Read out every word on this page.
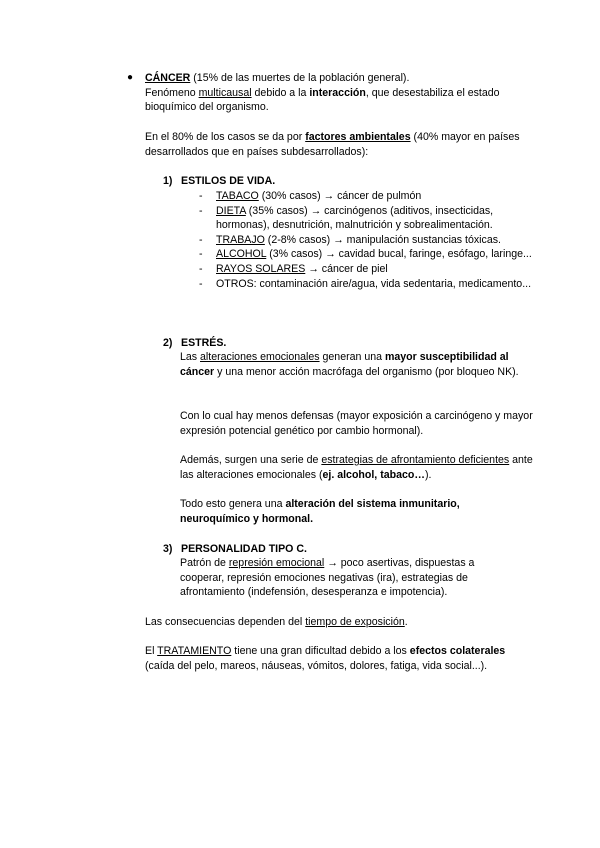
● CÁNCER (15% de las muertes de la población general).

Fenómeno multicausal debido a la interacción, que desestabiliza el estado bioquímico del organismo.

En el 80% de los casos se da por factores ambientales (40% mayor en países desarrollados que en países subdesarrollados):

1) ESTILOS DE VIDA.
- TABACO (30% casos) → cáncer de pulmón
- DIETA (35% casos) → carcinógenos (aditivos, insecticidas, hormonas), desnutrición, malnutrición y sobrealimentación.
- TRABAJO (2-8% casos) → manipulación sustancias tóxicas.
- ALCOHOL (3% casos) → cavidad bucal, faringe, esófago, laringe...
- RAYOS SOLARES → cáncer de piel
- OTROS: contaminación aire/agua, vida sedentaria, medicamento...
2) ESTRÉS.

Las alteraciones emocionales generan una mayor susceptibilidad al cáncer y una menor acción macrófaga del organismo (por bloqueo NK).

Con lo cual hay menos defensas (mayor exposición a carcinógeno y mayor expresión potencial genético por cambio hormonal).

Además, surgen una serie de estrategias de afrontamiento deficientes ante las alteraciones emocionales (ej. alcohol, tabaco…).

Todo esto genera una alteración del sistema inmunitario, neuroquímico y hormonal.

3) PERSONALIDAD TIPO C.

Patrón de represión emocional → poco asertivas, dispuestas a cooperar, represión emociones negativas (ira), estrategias de afrontamiento (indefensión, desesperanza e impotencia).

Las consecuencias dependen del tiempo de exposición.

El TRATAMIENTO tiene una gran dificultad debido a los efectos colaterales (caída del pelo, mareos, náuseas, vómitos, dolores, fatiga, vida social...).
